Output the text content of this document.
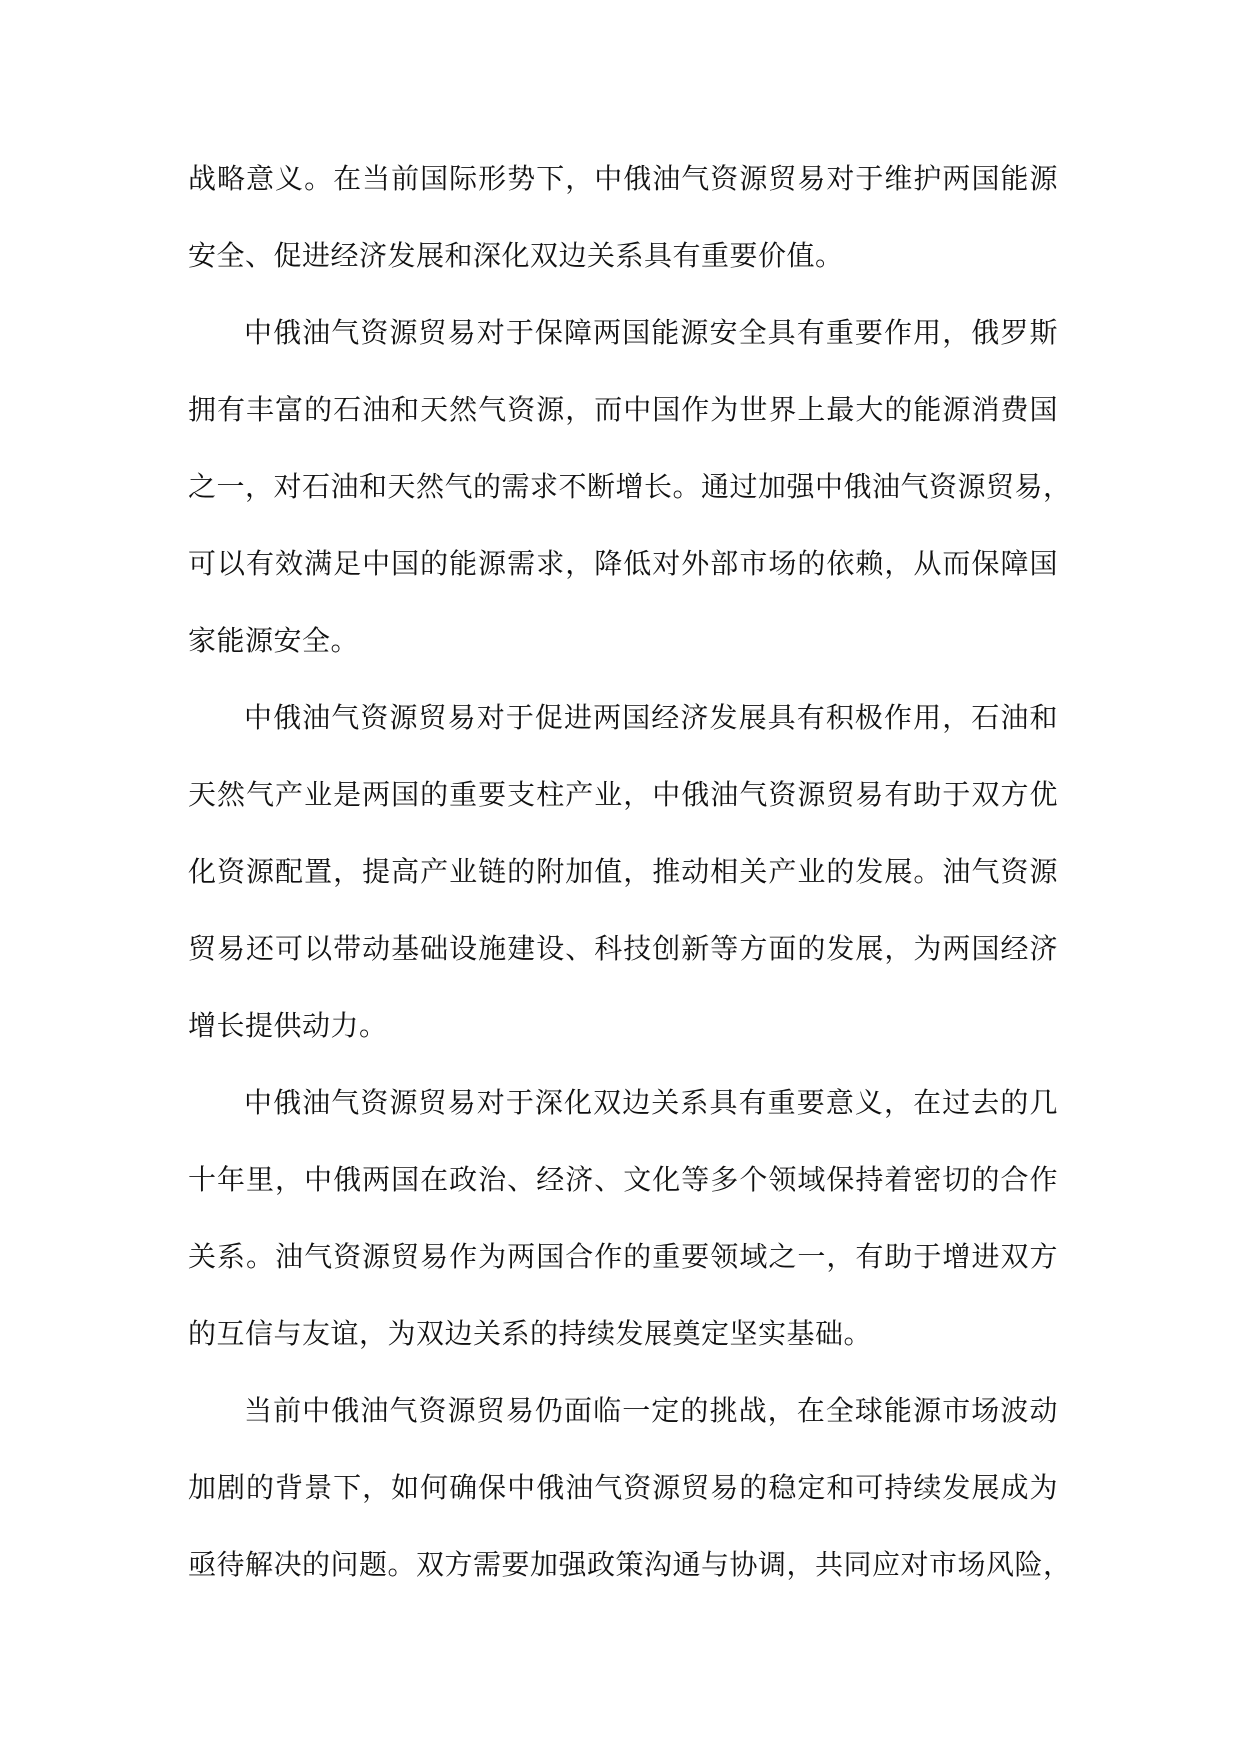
战略意义。在当前国际形势下，中俄油气资源贸易对于维护两国能源
安全、促进经济发展和深化双边关系具有重要价值。
中俄油气资源贸易对于保障两国能源安全具有重要作用，俄罗斯
拥有丰富的石油和天然气资源，而中国作为世界上最大的能源消费国
之一，对石油和天然气的需求不断增长。通过加强中俄油气资源贸易，
可以有效满足中国的能源需求，降低对外部市场的依赖，从而保障国
家能源安全。
中俄油气资源贸易对于促进两国经济发展具有积极作用，石油和
天然气产业是两国的重要支柱产业，中俄油气资源贸易有助于双方优
化资源配置，提高产业链的附加值，推动相关产业的发展。油气资源
贸易还可以带动基础设施建设、科技创新等方面的发展，为两国经济
增长提供动力。
中俄油气资源贸易对于深化双边关系具有重要意义，在过去的几
十年里，中俄两国在政治、经济、文化等多个领域保持着密切的合作
关系。油气资源贸易作为两国合作的重要领域之一，有助于增进双方
的互信与友谊，为双边关系的持续发展奠定坚实基础。
当前中俄油气资源贸易仍面临一定的挑战，在全球能源市场波动
加剧的背景下，如何确保中俄油气资源贸易的稳定和可持续发展成为
亟待解决的问题。双方需要加强政策沟通与协调，共同应对市场风险，
